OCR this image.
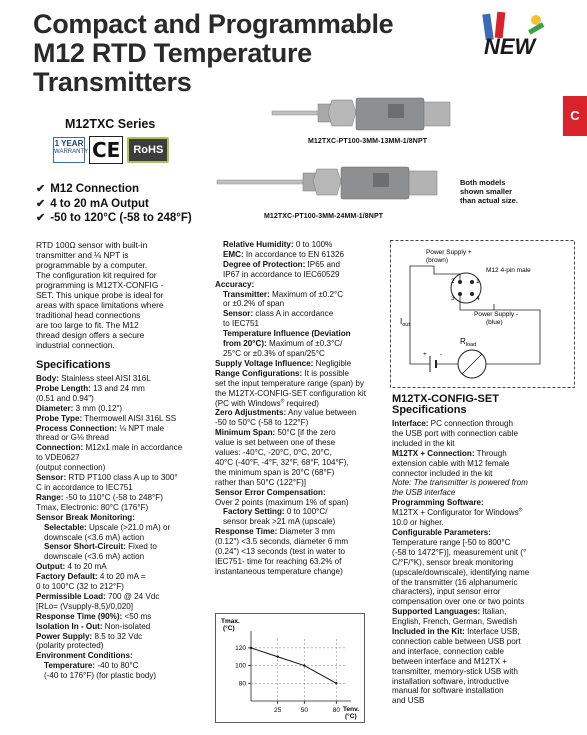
Compact and Programmable
M12 RTD Temperature
Transmitters
NEW
C
M12TXC Series
1 YEAR
WARRANTY CE	RoHS
✔ M12 Connection
✔ 4 to 20 mA Output
✔ -50 to 120°C (-58 to 248°F)
M12TXC-PT100-3MM-13MM-1/8NPT
M12TXC-PT100-3MM-24MM-1/8NPT
Both models
shown smaller
than actual size.

RTD 100Ω sensor with built-in

transmitter and ⅛ NPT is

programmable by a computer.

The configuration kit required for

programming is M12TX-CONFIG -

SET. This unique probe is ideal for

areas with space limitations where

traditional head connections

are too large to fit. The M12

thread design offers a secure

industrial connection.

Specifications

Body: Stainless steel AISI 316L

Probe Length: 13 and 24 mm

(0.51 and 0.94")

Diameter: 3 mm (0.12")

Probe Type: Thermowell AISI 316L SS

Process Connection: ⅛ NPT male

thread or G⅛ thread

Connection: M12x1 male in accordance

to VDE0627

(output connection)

Sensor: RTD PT100 class A up to 300°

C in accordance to IEC751

Range: -50 to 110°C (-58 to 248°F)

Tmax, Electronic: 80°C (176°F)

Sensor Break Monitoring:

Selectable: Upscale (>21.0 mA) or

downscale (<3.6 mA) action

Sensor Short-Circuit: Fixed to

downscale (<3.6 mA) action

Output: 4 to 20 mA

Factory Default: 4 to 20 mA =

0 to 100°C (32 to 212°F)

Permissible Load: 700 @ 24 Vdc

[RLo= (Vsupply-8,5)/0,020]

Response Time (90%): <50 ms

Isolation In - Out: Non-isolated

Power Supply: 8.5 to 32 Vdc

(polarity protected)

Environment Conditions:

Temperature: -40 to 80°C

(-40 to 176°F) (for plastic body)

Relative Humidity: 0 to 100%

EMC: In accordance to EN 61326

Degree of Protection: IP65 and

IP67 in accordance to IEC60529

Accuracy:

Transmitter: Maximum of ±0.2°C

or ±0.2% of span

Sensor: class A in accordance

to IEC751

Temperature Influence (Deviation

from 20°C): Maximum of ±0.3°C/

25°C or ±0.3% of span/25°C

Supply Voltage Influence: Negligible

Range Configurations: It is possible

set the input temperature range (span) by

the M12TX-CONFIG-SET configuration kit

(PC with Windows® required)

Zero Adjustments: Any value between

-50 to 50°C (-58 to 122°F)

Minimum Span: 50°C [if the zero

value is set between one of these

values: -40°C, -20°C, 0°C, 20°C,

40°C (-40°F, -4°F, 32°F, 68°F, 104°F),

the minimum span is 20°C (68°F)

rather than 50°C (122°F)]

Sensor Error Compensation:

Over 2 points (maximum 1% of span)

Factory Setting: 0 to 100°C/

sensor break >21 mA (upscale)

Response Time: Diameter 3 mm

(0.12") <3.5 seconds, diameter 6 mm

(0.24") <13 seconds (test in water to

IEC751- time for reaching 63.2% of

instantaneous temperature change)

Power Supply +
(brown)
M12 4-pin male
2	1
3	4
Power Supply -
(blue)
$I_{out}$
+ -
$R_{load}$
M12TX-CONFIG-SET
Specifications

Interface: PC connection through

the USB port with connection cable

included in the kit

M12TX + Connection: Through

extension cable with M12 female

connector included in the kit

Note: The transmitter is powered from

the USB interface

Programming Software:

M12TX + Configurator for Windows®

10.0 or higher.

Configurable Parameters:

Temperature range [-50 to 800°C

(-58 to 1472°F)], measurement unit (°

C/°F/°K), sensor break monitoring

(upscale/downscale), identifying name

of the transmitter (16 alphanumeric

characters), input sensor error

compensation over one or two points

Supported Languages: Italian,

English, French, German, Swedish

Included in the Kit: Interface USB,

connection cable between USB port

and interface, connection cable

between interface and M12TX +

transmitter, memory-stick USB with

installation software, introductive

manual for software installation

and USB

Tmax.
(°C)
Tenv.
(°C)
120
100
80
25	50	80
